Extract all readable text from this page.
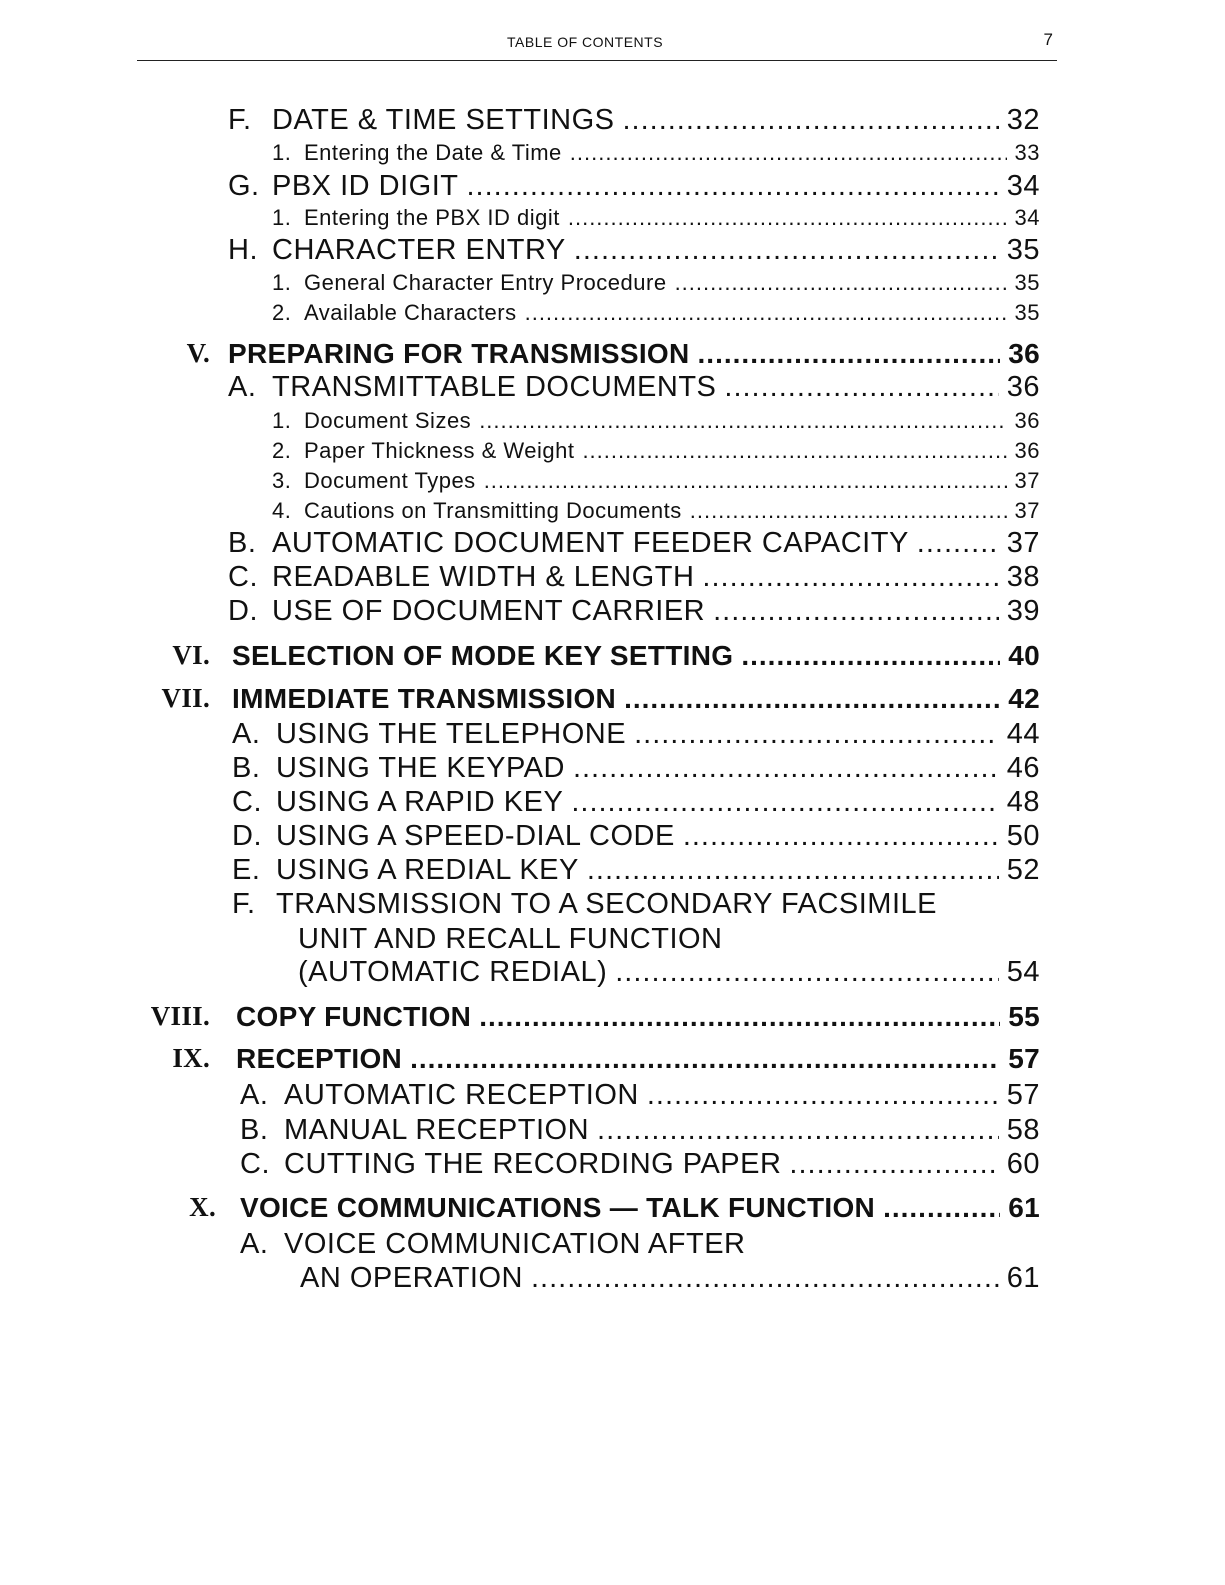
TABLE OF CONTENTS	7
F. DATE & TIME SETTINGS .....	32
1. Entering the Date & Time .....	33
G. PBX ID DIGIT .....	34
1. Entering the PBX ID digit .....	34
H. CHARACTER ENTRY .....	35
1. General Character Entry Procedure .....	35
2. Available Characters .....	35
V. PREPARING FOR TRANSMISSION .....	36
A. TRANSMITTABLE DOCUMENTS .....	36
1. Document Sizes .....	36
2. Paper Thickness & Weight .....	36
3. Document Types .....	37
4. Cautions on Transmitting Documents .....	37
B. AUTOMATIC DOCUMENT FEEDER CAPACITY .....	37
C. READABLE WIDTH & LENGTH .....	38
D. USE OF DOCUMENT CARRIER .....	39
VI. SELECTION OF MODE KEY SETTING .....	40
VII. IMMEDIATE TRANSMISSION .....	42
A. USING THE TELEPHONE .....	44
B. USING THE KEYPAD .....	46
C. USING A RAPID KEY .....	48
D. USING A SPEED-DIAL CODE .....	50
E. USING A REDIAL KEY .....	52
F. TRANSMISSION TO A SECONDARY FACSIMILE
UNIT AND RECALL FUNCTION
(AUTOMATIC REDIAL) .....	54
VIII. COPY FUNCTION .....	55
IX. RECEPTION .....	57
A. AUTOMATIC RECEPTION .....	57
B. MANUAL RECEPTION .....	58
C. CUTTING THE RECORDING PAPER .....	60
X. VOICE COMMUNICATIONS — TALK FUNCTION .....	61
A. VOICE COMMUNICATION AFTER
AN OPERATION .....	61
